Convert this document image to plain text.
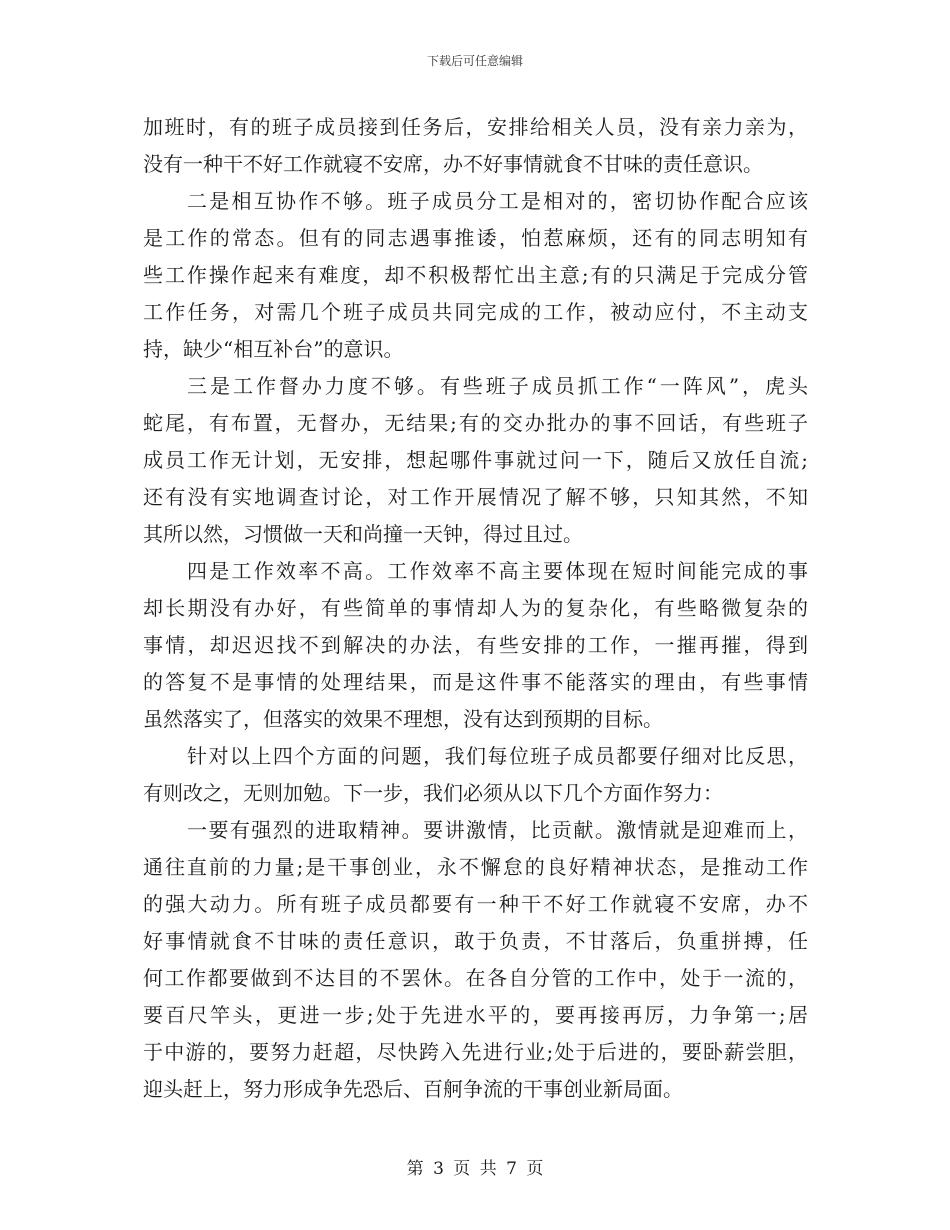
下载后可任意编辑
加班时，有的班子成员接到任务后，安排给相关人员，没有亲力亲为，
没有一种干不好工作就寝不安席，办不好事情就食不甘味的责任意识。
二是相互协作不够。班子成员分工是相对的，密切协作配合应该
是工作的常态。但有的同志遇事推诿，怕惹麻烦，还有的同志明知有
些工作操作起来有难度，却不积极帮忙出主意;有的只满足于完成分管
工作任务，对需几个班子成员共同完成的工作，被动应付，不主动支
持，缺少“相互补台”的意识。
三是工作督办力度不够。有些班子成员抓工作“一阵风”，虎头
蛇尾，有布置，无督办，无结果;有的交办批办的事不回话，有些班子
成员工作无计划，无安排，想起哪件事就过问一下，随后又放任自流;
还有没有实地调查讨论，对工作开展情况了解不够，只知其然，不知
其所以然，习惯做一天和尚撞一天钟，得过且过。
四是工作效率不高。工作效率不高主要体现在短时间能完成的事
却长期没有办好，有些简单的事情却人为的复杂化，有些略微复杂的
事情，却迟迟找不到解决的办法，有些安排的工作，一摧再摧，得到
的答复不是事情的处理结果，而是这件事不能落实的理由，有些事情
虽然落实了，但落实的效果不理想，没有达到预期的目标。
针对以上四个方面的问题，我们每位班子成员都要仔细对比反思，
有则改之，无则加勉。下一步，我们必须从以下几个方面作努力：
一要有强烈的进取精神。要讲激情，比贡献。激情就是迎难而上，
通往直前的力量;是干事创业，永不懈怠的良好精神状态，是推动工作
的强大动力。所有班子成员都要有一种干不好工作就寝不安席，办不
好事情就食不甘味的责任意识，敢于负责，不甘落后，负重拼搏，任
何工作都要做到不达目的不罢休。在各自分管的工作中，处于一流的，
要百尺竿头，更进一步;处于先进水平的，要再接再厉，力争第一;居
于中游的，要努力赶超，尽快跨入先进行业;处于后进的，要卧薪尝胆，
迎头赶上，努力形成争先恐后、百舸争流的干事创业新局面。
第 3 页 共 7 页
